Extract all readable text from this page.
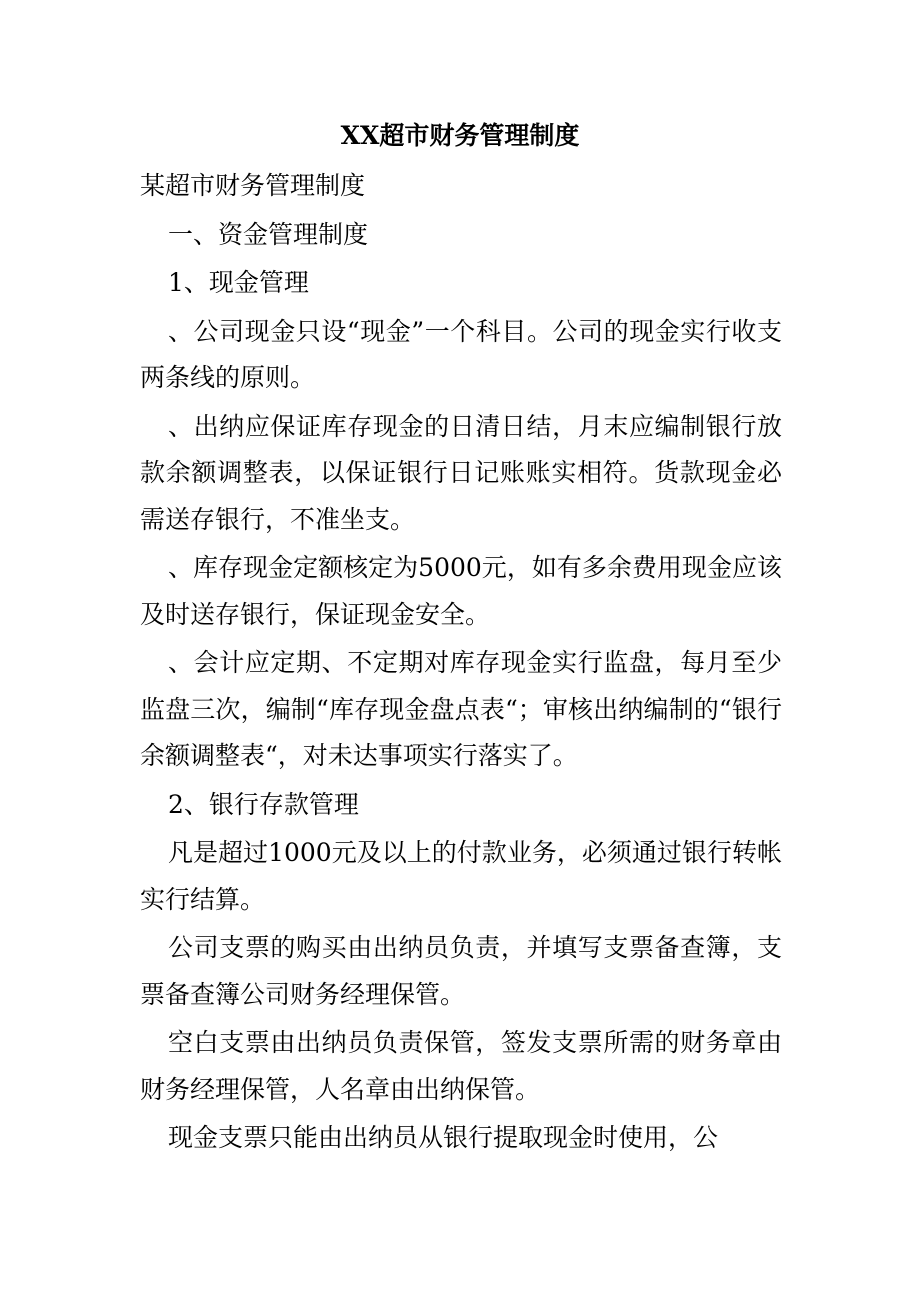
XX超市财务管理制度

某超市财务管理制度

一、资金管理制度

1、现金管理

、公司现金只设“现金”一个科目。公司的现金实行收支两条线的原则。

、出纳应保证库存现金的日清日结，月末应编制银行放款余额调整表，以保证银行日记账账实相符。货款现金必需送存银行，不准坐支。

、库存现金定额核定为5000元，如有多余费用现金应该及时送存银行，保证现金安全。

、会计应定期、不定期对库存现金实行监盘，每月至少监盘三次，编制“库存现金盘点表“；审核出纳编制的“银行余额调整表“，对未达事项实行落实了。

2、银行存款管理

凡是超过1000元及以上的付款业务，必须通过银行转帐实行结算。

公司支票的购买由出纳员负责，并填写支票备查簿，支票备查簿公司财务经理保管。

空白支票由出纳员负责保管，签发支票所需的财务章由财务经理保管，人名章由出纳保管。

现金支票只能由出纳员从银行提取现金时使用，公
